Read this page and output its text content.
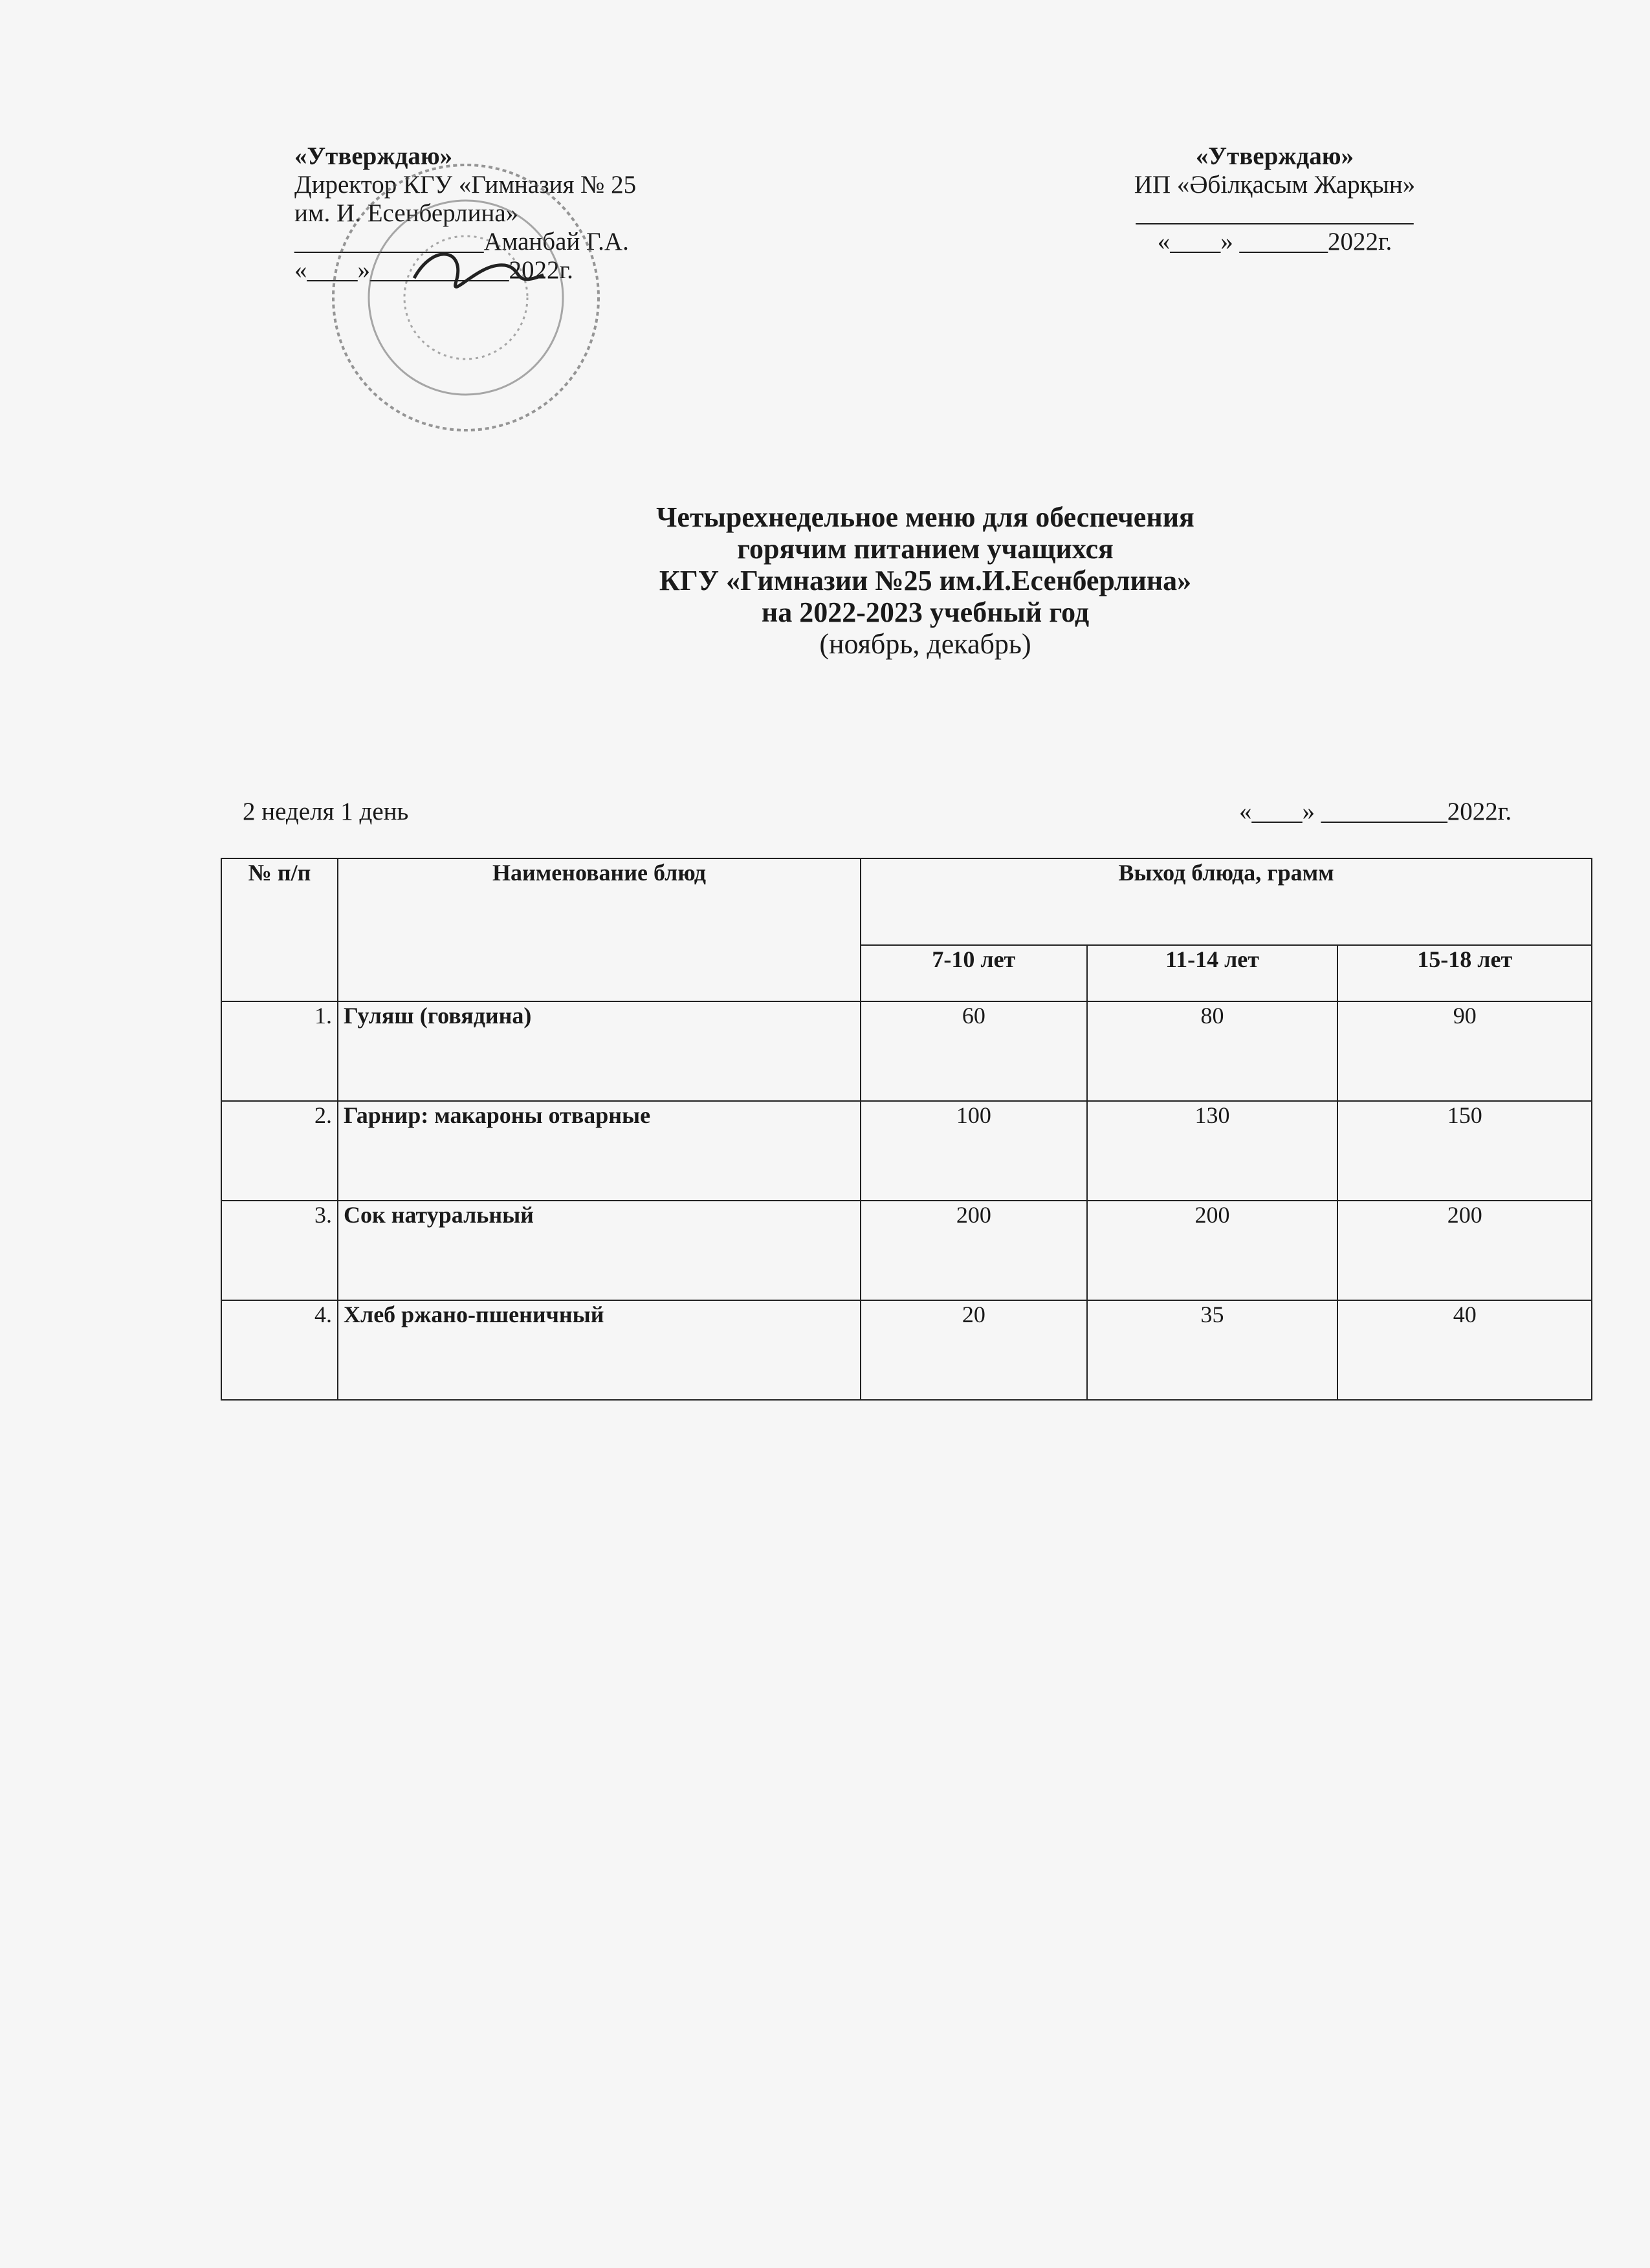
«Утверждаю»
Директор КГУ «Гимназия № 25
им. И. Есенберлина»
_______________Аманбай Г.А.
«____»___________2022г.
«Утверждаю»
ИП «Әбілқасым Жарқын»
______________________
«____» _______2022г.
Четырехнедельное меню для обеспечения
горячим питанием учащихся
КГУ «Гимназии №25 им.И.Есенберлина»
на 2022-2023 учебный год
(ноябрь, декабрь)
2 неделя 1 день	«____» __________2022г.
№ п/п	Наименование блюд	Выход блюда, грамм		
		7-10 лет	11-14 лет	15-18 лет
1.	Гуляш (говядина)	60	80	90
2.	Гарнир: макароны отварные	100	130	150
3.	Сок натуральный	200	200	200
4.	Хлеб ржано-пшеничный	20	35	40
